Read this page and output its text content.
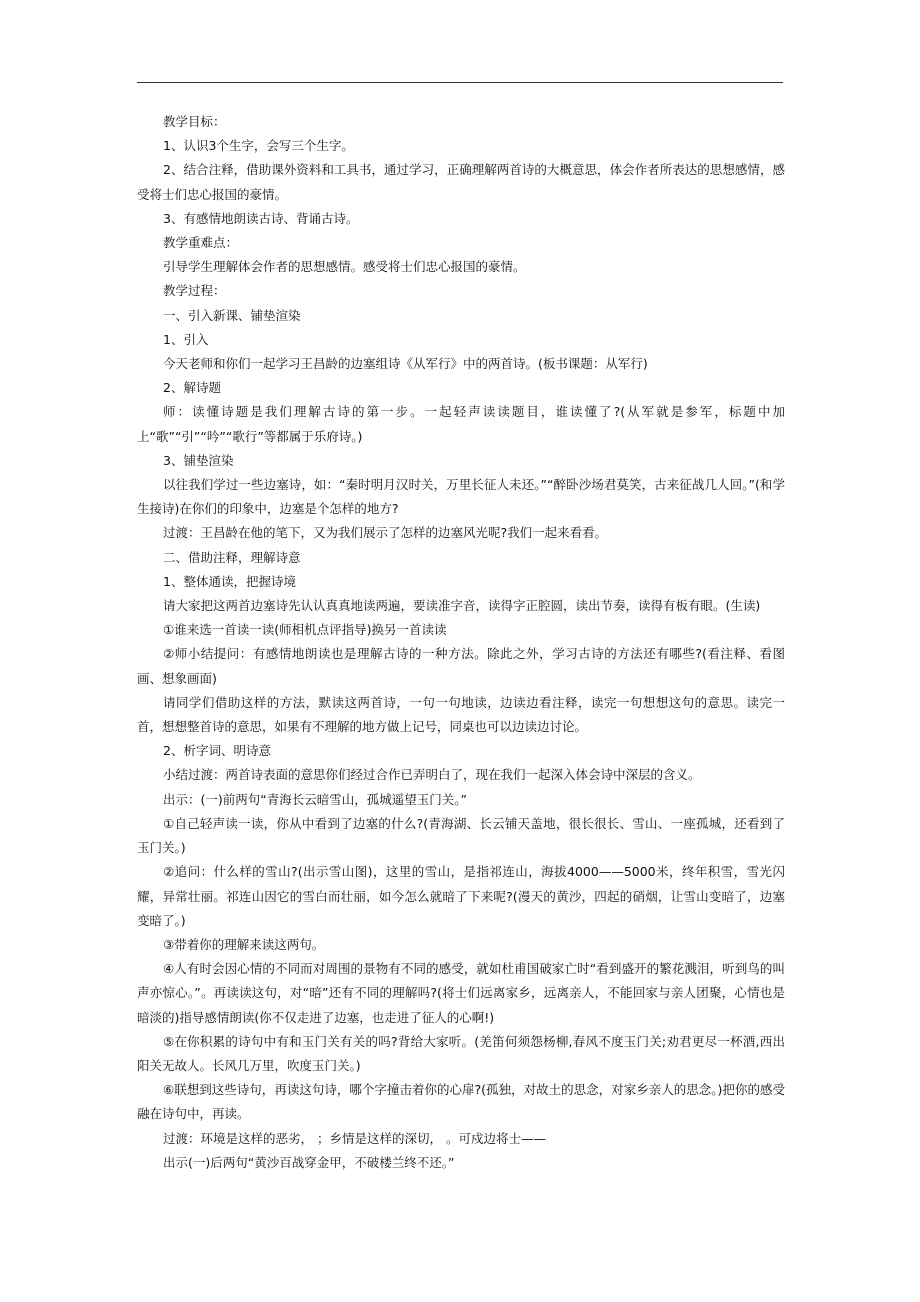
教学目标：

1、认识3个生字，会写三个生字。

2、结合注释，借助课外资料和工具书，通过学习，正确理解两首诗的大概意思，体会作者所表达的思想感情，感受将士们忠心报国的豪情。

3、有感情地朗读古诗、背诵古诗。

教学重难点：

引导学生理解体会作者的思想感情。感受将士们忠心报国的豪情。

教学过程：

一、引入新课、铺垫渲染

1、引入

今天老师和你们一起学习王昌龄的边塞组诗《从军行》中的两首诗。(板书课题：从军行)

2、解诗题

师：读懂诗题是我们理解古诗的第一步。一起轻声读读题目，谁读懂了?(从军就是参军，标题中加上“歌”“引”“吟”“歌行”等都属于乐府诗。)

3、铺垫渲染

以往我们学过一些边塞诗，如：“秦时明月汉时关，万里长征人未还。”“醉卧沙场君莫笑，古来征战几人回。”(和学生接诗)在你们的印象中，边塞是个怎样的地方?

过渡：王昌龄在他的笔下，又为我们展示了怎样的边塞风光呢?我们一起来看看。

二、借助注释，理解诗意

1、整体通读，把握诗境

请大家把这两首边塞诗先认认真真地读两遍，要读准字音，读得字正腔圆，读出节奏，读得有板有眼。(生读)

①谁来选一首读一读(师相机点评指导)换另一首读读

②师小结提问：有感情地朗读也是理解古诗的一种方法。除此之外，学习古诗的方法还有哪些?(看注释、看图画、想象画面)

请同学们借助这样的方法，默读这两首诗，一句一句地读，边读边看注释，读完一句想想这句的意思。读完一首，想想整首诗的意思，如果有不理解的地方做上记号，同桌也可以边读边讨论。

2、析字词、明诗意

小结过渡：两首诗表面的意思你们经过合作已弄明白了，现在我们一起深入体会诗中深层的含义。

出示：(一)前两句“青海长云暗雪山，孤城遥望玉门关。”

①自己轻声读一读，你从中看到了边塞的什么?(青海湖、长云铺天盖地，很长很长、雪山、一座孤城，还看到了玉门关。)

②追问：什么样的雪山?(出示雪山图)，这里的雪山，是指祁连山，海拔4000——5000米，终年积雪，雪光闪耀，异常壮丽。祁连山因它的雪白而壮丽，如今怎么就暗了下来呢?(漫天的黄沙，四起的硝烟，让雪山变暗了，边塞变暗了。)

③带着你的理解来读这两句。

④人有时会因心情的不同而对周围的景物有不同的感受，就如杜甫国破家亡时“看到盛开的繁花溅泪，听到鸟的叫声亦惊心。”。再读读这句，对“暗”还有不同的理解吗?(将士们远离家乡，远离亲人，不能回家与亲人团聚，心情也是暗淡的)指导感情朗读(你不仅走进了边塞，也走进了征人的心啊!)

⑤在你积累的诗句中有和玉门关有关的吗?背给大家听。(羌笛何须怨杨柳,春风不度玉门关;劝君更尽一杯酒,西出阳关无故人。长风几万里，吹度玉门关。)

⑥联想到这些诗句，再读这句诗，哪个字撞击着你的心扉?(孤独，对故土的思念，对家乡亲人的思念。)把你的感受融在诗句中，再读。

过渡：环境是这样的恶劣， ；乡情是这样的深切， 。可戍边将士——

出示(一)后两句“黄沙百战穿金甲，不破楼兰终不还。”
